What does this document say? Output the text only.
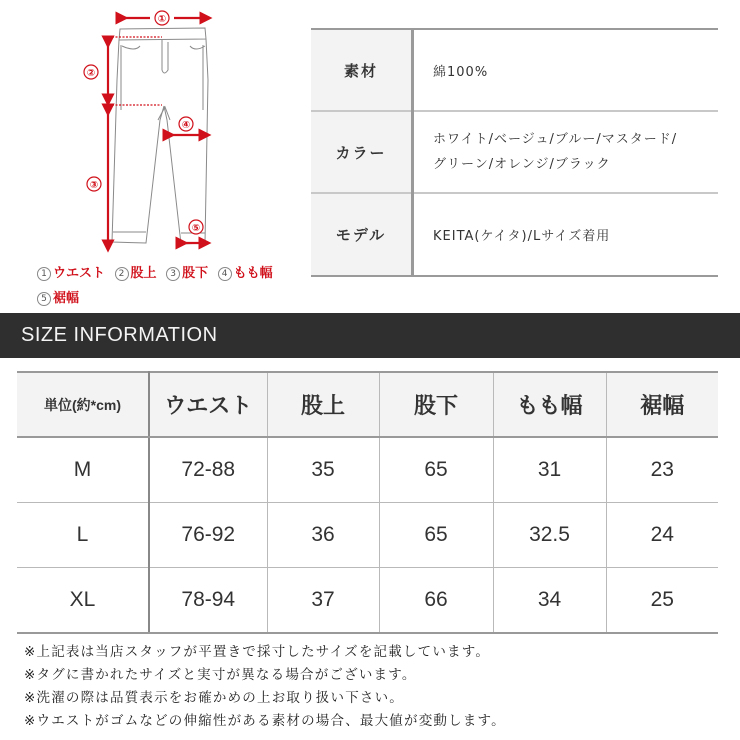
①
②
③
④
⑤
1 ウエスト 2 股上 3 股下 4 もも幅
5 裾幅
素材	綿100%
カラー	ホワイト/ベージュ/ブルー/マスタード/
グリーン/オレンジ/ブラック

モデル	KEITA(ケイタ)/Lサイズ着用
SIZE INFORMATION
単位(約*cm)	ウエスト	股上	股下	もも幅	裾幅
M	72-88	35	65	31	23
L	76-92	36	65	32.5	24
XL	78-94	37	66	34	25
※上記表は当店スタッフが平置きで採寸したサイズを記載しています。
※タグに書かれたサイズと実寸が異なる場合がございます。
※洗濯の際は品質表示をお確かめの上お取り扱い下さい。
※ウエストがゴムなどの伸縮性がある素材の場合、最大値が変動します。
